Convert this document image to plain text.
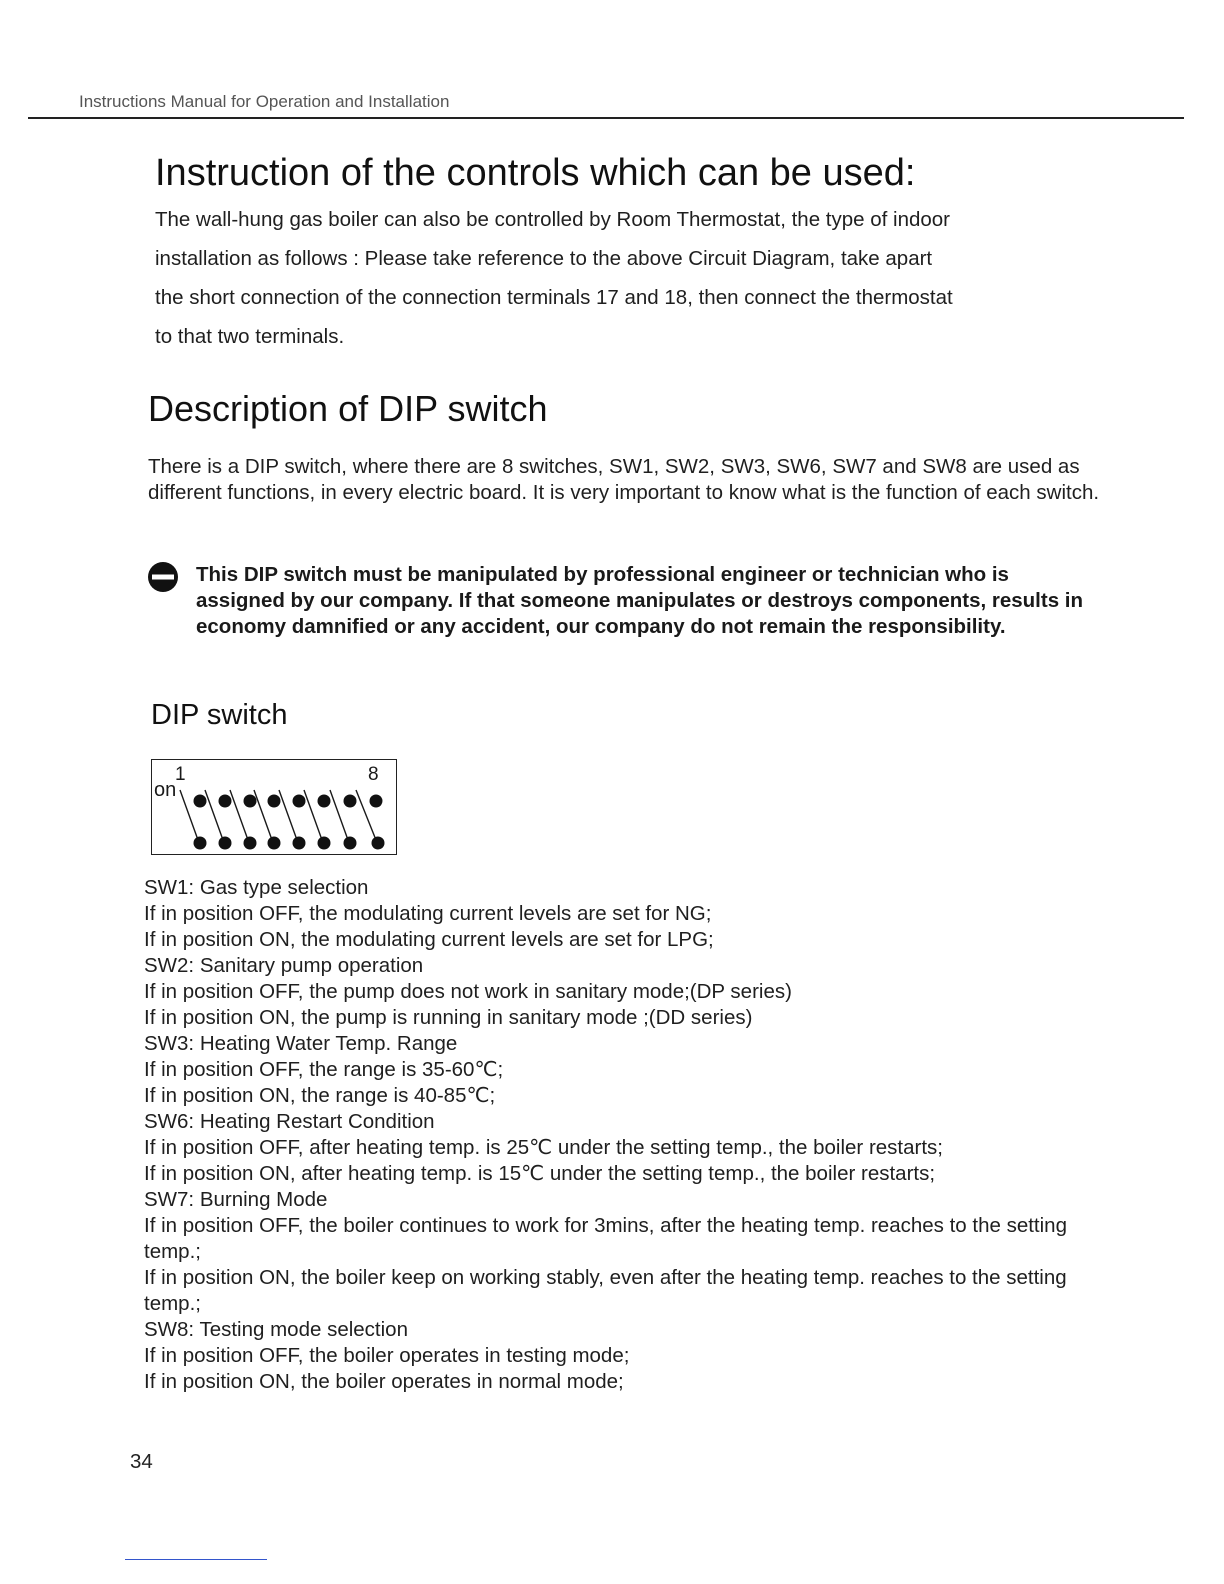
Instructions Manual for Operation and Installation
Instruction of the controls which can be used:
The wall-hung gas boiler can also be controlled by Room Thermostat, the type of indoor
installation as follows : Please take reference to the above Circuit Diagram, take apart
the short connection of the connection terminals 17 and 18, then connect the thermostat
to that two terminals.
Description of DIP switch

There is a DIP switch, where there are 8 switches, SW1, SW2, SW3, SW6, SW7 and SW8 are used as different functions, in every electric board. It is very important to know what is the function of each switch.

This DIP switch must be manipulated by professional engineer or technician who is assigned by our company. If that someone manipulates or destroys components, results in economy damnified or any accident, our company do not remain the responsibility.

DIP switch
1	8
on

SW1: Gas type selection

If in position OFF, the modulating current levels are set for NG;

If in position ON, the modulating current levels are set for LPG;

SW2: Sanitary pump operation

If in position OFF, the pump does not work in sanitary mode;(DP series)

If in position ON, the pump is running in sanitary mode ;(DD series)

SW3: Heating Water Temp. Range

If in position OFF, the range is 35-60℃;

If in position ON, the range is 40-85℃;

SW6: Heating Restart Condition

If in position OFF, after heating temp. is 25℃ under the setting temp., the boiler restarts;

If in position ON, after heating temp. is 15℃ under the setting temp., the boiler restarts;

SW7: Burning Mode

If in position OFF, the boiler continues to work for 3mins, after the heating temp. reaches to the setting temp.;

If in position ON, the boiler keep on working stably, even after the heating temp. reaches to the setting temp.;

SW8: Testing mode selection

If in position OFF, the boiler operates in testing mode;

If in position ON, the boiler operates in normal mode;

34
